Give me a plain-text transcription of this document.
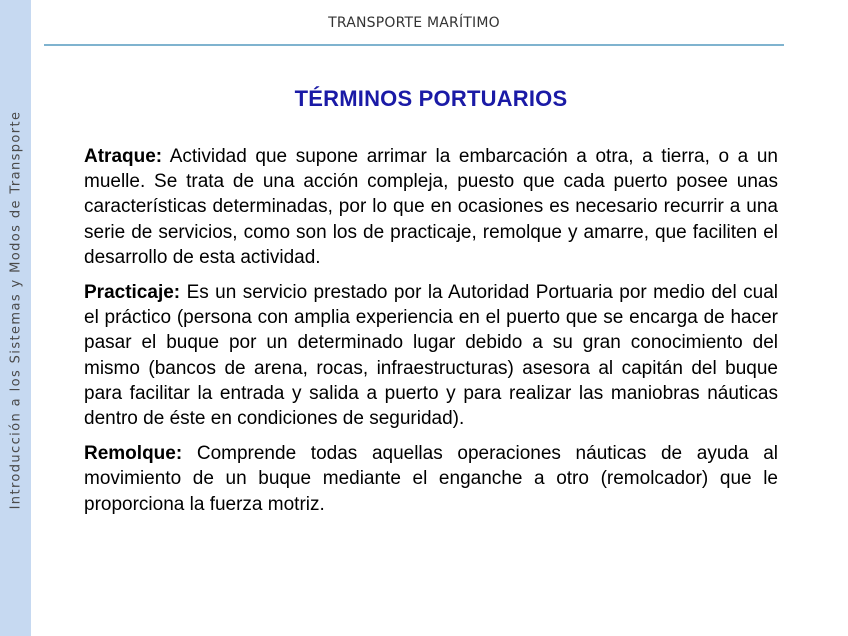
Introducción a los Sistemas y Modos de Transporte
TRANSPORTE MARÍTIMO
TÉRMINOS PORTUARIOS

Atraque: Actividad que supone arrimar la embarcación a otra, a tierra, o a un muelle. Se trata de una acción compleja, puesto que cada puerto posee unas características determinadas, por lo que en ocasiones es necesario recurrir a una serie de servicios, como son los de practicaje, remolque y amarre, que faciliten el desarrollo de esta actividad.

Practicaje: Es un servicio prestado por la Autoridad Portuaria por medio del cual el práctico (persona con amplia experiencia en el puerto que se encarga de hacer pasar el buque por un determinado lugar debido a su gran conocimiento del mismo (bancos de arena, rocas, infraestructuras) asesora al capitán del buque para facilitar la entrada y salida a puerto y para realizar las maniobras náuticas dentro de éste en condiciones de seguridad).

Remolque: Comprende todas aquellas operaciones náuticas de ayuda al movimiento de un buque mediante el enganche a otro (remolcador) que le proporciona la fuerza motriz.
